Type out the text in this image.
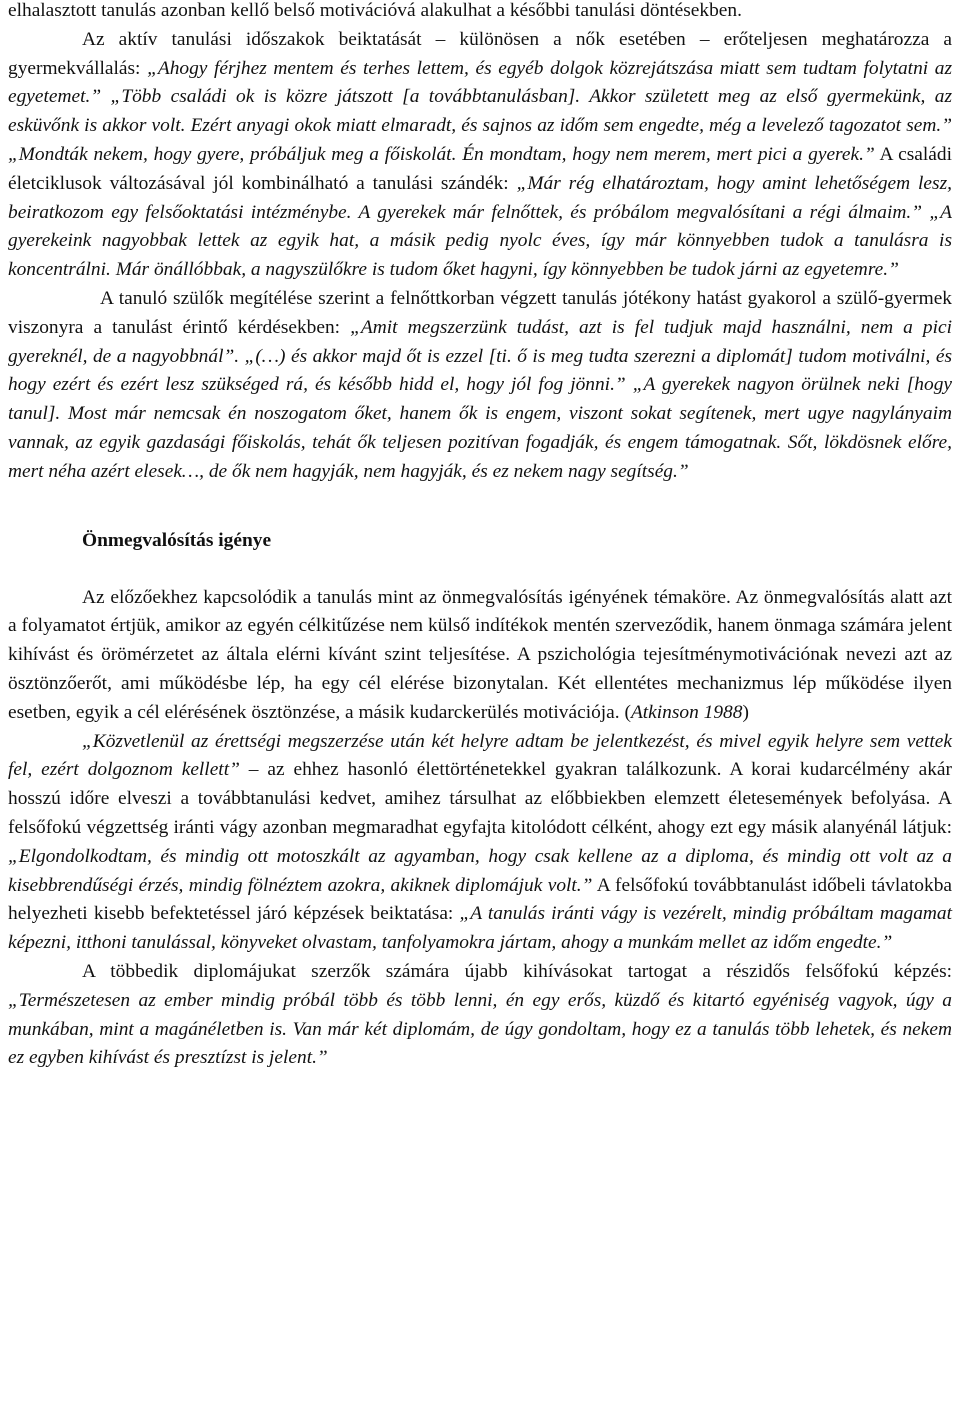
elhalasztott tanulás azonban kellő belső motivációvá alakulhat a későbbi tanulási döntésekben.

Az aktív tanulási időszakok beiktatását – különösen a nők esetében – erőteljesen meghatározza a gyermekvállalás: „Ahogy férjhez mentem és terhes lettem, és egyéb dolgok közrejátszása miatt sem tudtam folytatni az egyetemet.” „Több családi ok is közre játszott [a továbbtanulásban]. Akkor született meg az első gyermekünk, az esküvőnk is akkor volt. Ezért anyagi okok miatt elmaradt, és sajnos az időm sem engedte, még a levelező tagozatot sem.” „Mondták nekem, hogy gyere, próbáljuk meg a főiskolát. Én mondtam, hogy nem merem, mert pici a gyerek.” A családi életciklusok változásával jól kombinálható a tanulási szándék: „Már rég elhatároztam, hogy amint lehetőségem lesz, beiratkozom egy felsőoktatási intézménybe. A gyerekek már felnőttek, és próbálom megvalósítani a régi álmaim.” „A gyerekeink nagyobbak lettek az egyik hat, a másik pedig nyolc éves, így már könnyebben tudok a tanulásra is koncentrálni. Már önállóbbak, a nagyszülőkre is tudom őket hagyni, így könnyebben be tudok járni az egyetemre.”

A tanuló szülők megítélése szerint a felnőttkorban végzett tanulás jótékony hatást gyakorol a szülő-gyermek viszonyra a tanulást érintő kérdésekben: „Amit megszerzünk tudást, azt is fel tudjuk majd használni, nem a pici gyereknél, de a nagyobbnál”. „(…) és akkor majd őt is ezzel [ti. ő is meg tudta szerezni a diplomát] tudom motiválni, és hogy ezért és ezért lesz szükséged rá, és később hidd el, hogy jól fog jönni.” „A gyerekek nagyon örülnek neki [hogy tanul]. Most már nemcsak én noszogatom őket, hanem ők is engem, viszont sokat segítenek, mert ugye nagylányaim vannak, az egyik gazdasági főiskolás, tehát ők teljesen pozitívan fogadják, és engem támogatnak. Sőt, lökdösnek előre, mert néha azért elesek…, de ők nem hagyják, nem hagyják, és ez nekem nagy segítség.”

Önmegvalósítás igénye

Az előzőekhez kapcsolódik a tanulás mint az önmegvalósítás igényének témaköre. Az önmegvalósítás alatt azt a folyamatot értjük, amikor az egyén célkitűzése nem külső indítékok mentén szerveződik, hanem önmaga számára jelent kihívást és örömérzetet az általa elérni kívánt szint teljesítése. A pszichológia tejesítménymotivációnak nevezi azt az ösztönzőerőt, ami működésbe lép, ha egy cél elérése bizonytalan. Két ellentétes mechanizmus lép működése ilyen esetben, egyik a cél elérésének ösztönzése, a másik kudarckerülés motivációja. (Atkinson 1988)

„Közvetlenül az érettségi megszerzése után két helyre adtam be jelentkezést, és mivel egyik helyre sem vettek fel, ezért dolgoznom kellett” – az ehhez hasonló élettörténetekkel gyakran találkozunk. A korai kudarcélmény akár hosszú időre elveszi a továbbtanulási kedvet, amihez társulhat az előbbiekben elemzett életesemények befolyása. A felsőfokú végzettség iránti vágy azonban megmaradhat egyfajta kitolódott célként, ahogy ezt egy másik alanyénál látjuk: „Elgondolkodtam, és mindig ott motoszkált az agyamban, hogy csak kellene az a diploma, és mindig ott volt az a kisebbrendűségi érzés, mindig fölnéztem azokra, akiknek diplomájuk volt.” A felsőfokú továbbtanulást időbeli távlatokba helyezheti kisebb befektetéssel járó képzések beiktatása: „A tanulás iránti vágy is vezérelt, mindig próbáltam magamat képezni, itthoni tanulással, könyveket olvastam, tanfolyamokra jártam, ahogy a munkám mellet az időm engedte.”

A többedik diplomájukat szerzők számára újabb kihívásokat tartogat a részidős felsőfokú képzés: „Természetesen az ember mindig próbál több és több lenni, én egy erős, küzdő és kitartó egyéniség vagyok, úgy a munkában, mint a magánéletben is. Van már két diplomám, de úgy gondoltam, hogy ez a tanulás több lehetek, és nekem ez egyben kihívást és presztízst is jelent.”
